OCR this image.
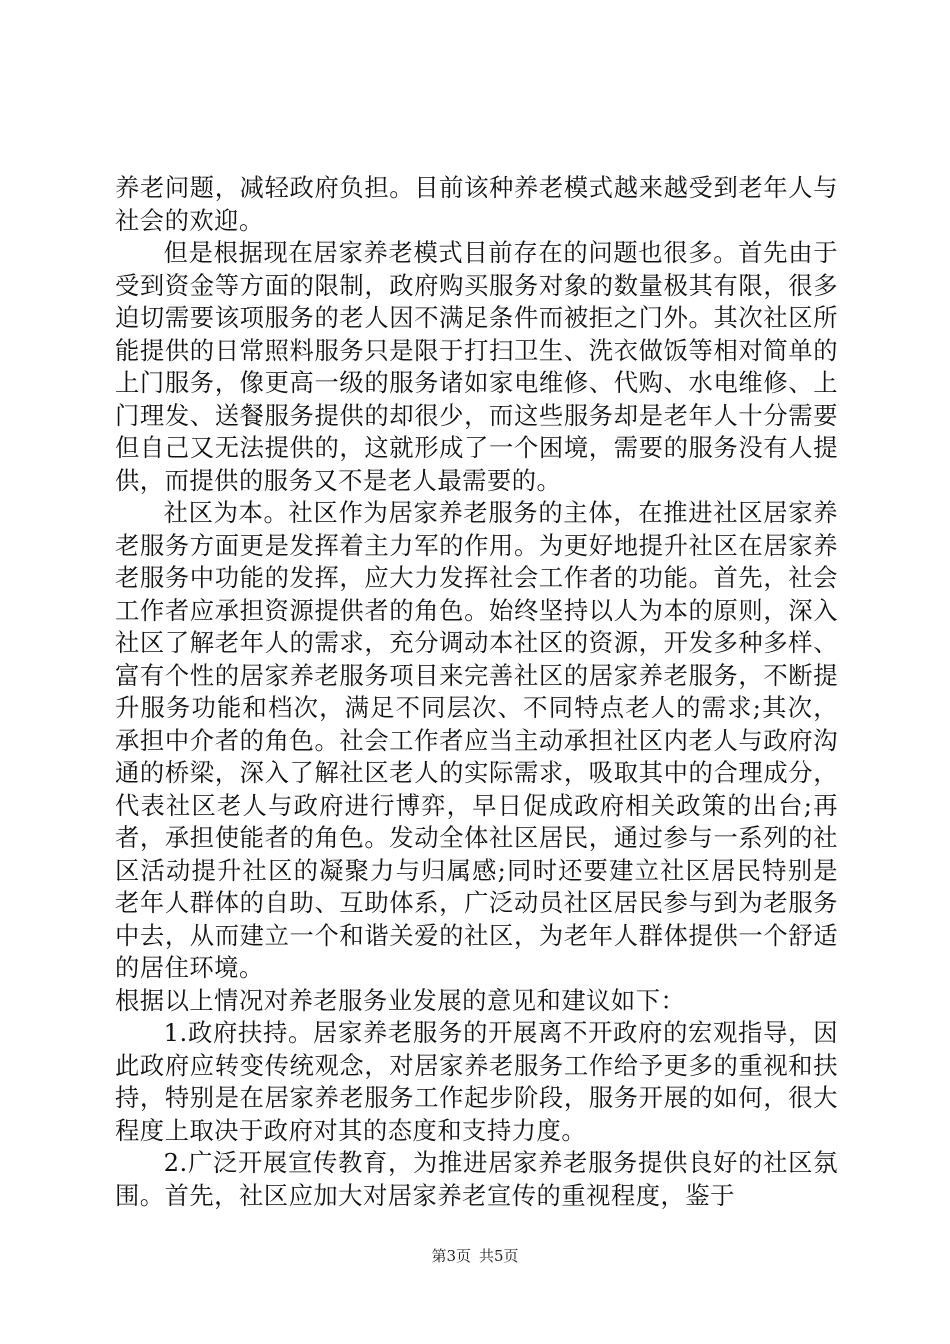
养老问题，减轻政府负担。目前该种养老模式越来越受到老年人与社会的欢迎。

但是根据现在居家养老模式目前存在的问题也很多。首先由于受到资金等方面的限制，政府购买服务对象的数量极其有限，很多迫切需要该项服务的老人因不满足条件而被拒之门外。其次社区所能提供的日常照料服务只是限于打扫卫生、洗衣做饭等相对简单的上门服务，像更高一级的服务诸如家电维修、代购、水电维修、上门理发、送餐服务提供的却很少，而这些服务却是老年人十分需要但自己又无法提供的，这就形成了一个困境，需要的服务没有人提供，而提供的服务又不是老人最需要的。

社区为本。社区作为居家养老服务的主体，在推进社区居家养老服务方面更是发挥着主力军的作用。为更好地提升社区在居家养老服务中功能的发挥，应大力发挥社会工作者的功能。首先，社会工作者应承担资源提供者的角色。始终坚持以人为本的原则，深入社区了解老年人的需求，充分调动本社区的资源，开发多种多样、富有个性的居家养老服务项目来完善社区的居家养老服务，不断提升服务功能和档次，满足不同层次、不同特点老人的需求;其次，承担中介者的角色。社会工作者应当主动承担社区内老人与政府沟通的桥梁，深入了解社区老人的实际需求，吸取其中的合理成分，代表社区老人与政府进行博弈，早日促成政府相关政策的出台;再者，承担使能者的角色。发动全体社区居民，通过参与一系列的社区活动提升社区的凝聚力与归属感;同时还要建立社区居民特别是老年人群体的自助、互助体系，广泛动员社区居民参与到为老服务中去，从而建立一个和谐关爱的社区，为老年人群体提供一个舒适的居住环境。

根据以上情况对养老服务业发展的意见和建议如下：

1.政府扶持。居家养老服务的开展离不开政府的宏观指导，因此政府应转变传统观念，对居家养老服务工作给予更多的重视和扶持，特别是在居家养老服务工作起步阶段，服务开展的如何，很大程度上取决于政府对其的态度和支持力度。

2.广泛开展宣传教育，为推进居家养老服务提供良好的社区氛围。首先，社区应加大对居家养老宣传的重视程度，鉴于

第3页 共5页
